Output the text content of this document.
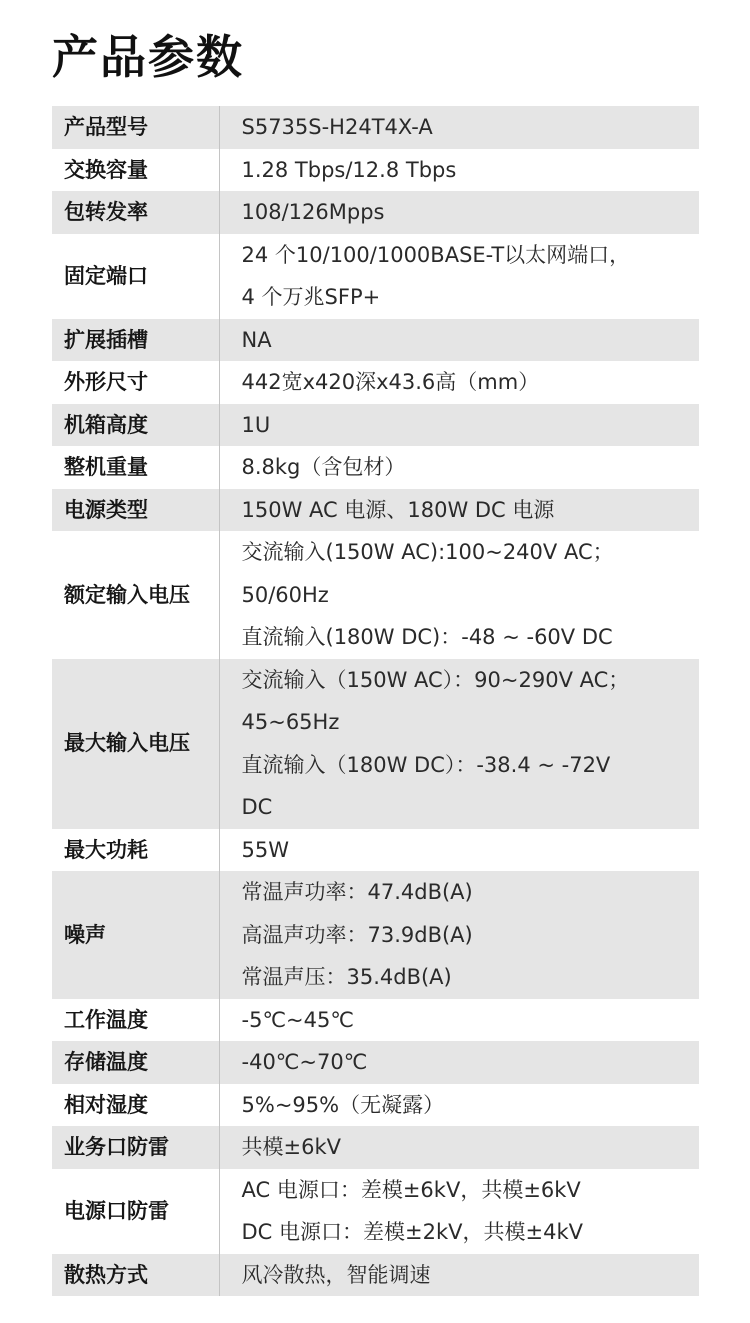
产品参数
产品型号	S5735S-H24T4X-A

交换容量	1.28 Tbps/12.8 Tbps

包转发率	108/126Mpps

固定端口	24 个10/100/1000BASE-T以太网端口，
4 个万兆SFP+

扩展插槽	NA

外形尺寸	442宽x420深x43.6高（mm）

机箱高度	1U

整机重量	8.8kg（含包材）

电源类型	150W AC 电源、180W DC 电源

额定输入电压	交流输入(150W AC):100~240V AC；
50/60Hz
直流输入(180W DC)：-48 ~ -60V DC

最大输入电压	交流输入（150W AC）：90~290V AC；
45~65Hz
直流输入（180W DC）：-38.4 ~ -72V
DC

最大功耗	55W

噪声	常温声功率：47.4dB(A)
高温声功率：73.9dB(A)
常温声压：35.4dB(A)

工作温度	-5℃~45℃

存储温度	-40℃~70℃

相对湿度	5%~95%（无凝露）

业务口防雷	共模±6kV

电源口防雷	AC 电源口：差模±6kV，共模±6kV
DC 电源口：差模±2kV，共模±4kV

散热方式	风冷散热，智能调速
